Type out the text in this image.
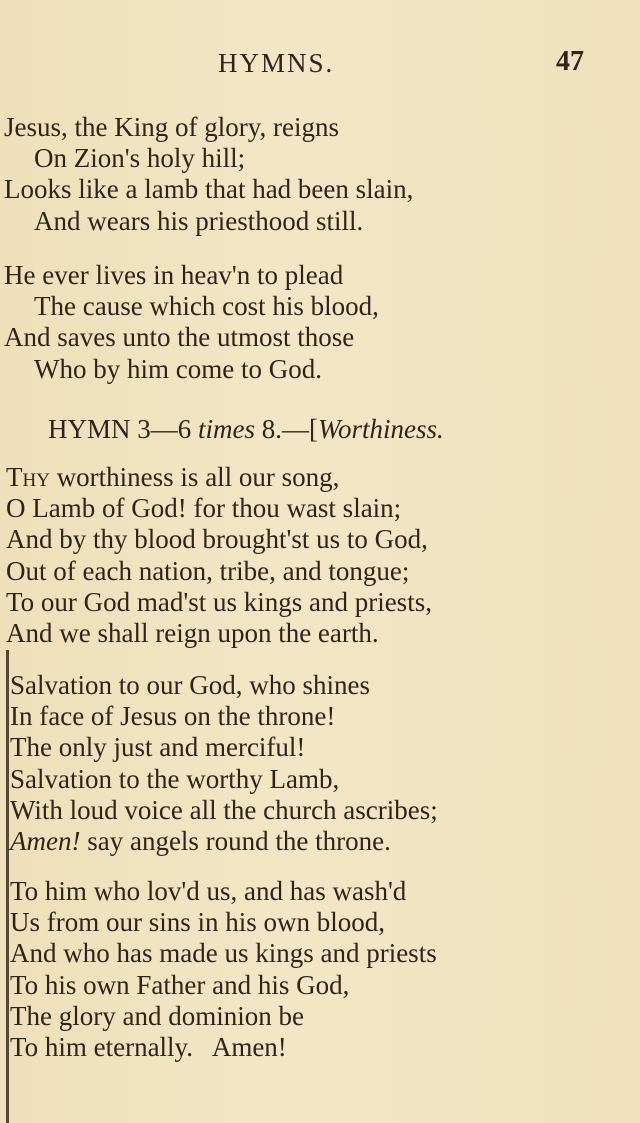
HYMNS.	47
Jesus, the King of glory, reigns
On Zion's holy hill;
Looks like a lamb that had been slain,
And wears his priesthood still.
He ever lives in heav'n to plead
The cause which cost his blood,
And saves unto the utmost those
Who by him come to God.
HYMN 3—6 times 8.—[Worthiness.
Thy worthiness is all our song,
O Lamb of God! for thou wast slain;
And by thy blood brought'st us to God,
Out of each nation, tribe, and tongue;
To our God mad'st us kings and priests,
And we shall reign upon the earth.
Salvation to our God, who shines
In face of Jesus on the throne!
The only just and merciful!
Salvation to the worthy Lamb,
With loud voice all the church ascribes;
Amen! say angels round the throne.
To him who lov'd us, and has wash'd
Us from our sins in his own blood,
And who has made us kings and priests
To his own Father and his God,
The glory and dominion be
To him eternally.   Amen!
